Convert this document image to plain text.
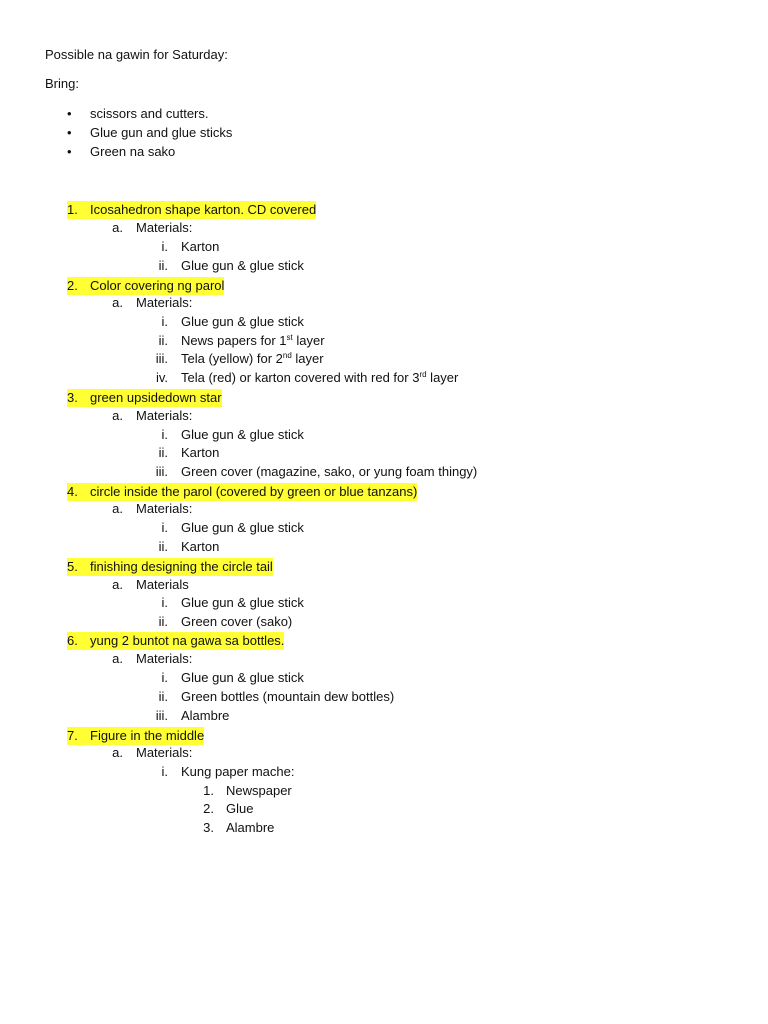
Possible na gawin for Saturday:
Bring:
• scissors and cutters.
• Glue gun and glue sticks
• Green na sako
1. Icosahedron shape karton. CD covered
2. Color covering ng parol
3. green upsidedown star
4. circle inside the parol (covered by green or blue tanzans)
5. finishing designing the circle tail
6. yung 2 buntot na gawa sa bottles.
7. Figure in the middle
a. Materials:
i. Karton
ii. Glue gun & glue stick
a. Materials:
i. Glue gun & glue stick
ii. News papers for 1st layer
iii. Tela (yellow) for 2nd layer
iv. Tela (red) or karton covered with red for 3rd layer
a. Materials:
i. Glue gun & glue stick
ii. Karton
iii. Green cover (magazine, sako, or yung foam thingy)
a. Materials:
i. Glue gun & glue stick
ii. Karton
a. Materials
i. Glue gun & glue stick
ii. Green cover (sako)
a. Materials:
i. Glue gun & glue stick
ii. Green bottles (mountain dew bottles)
iii. Alambre
a. Materials:
i. Kung paper mache:
1. Newspaper
2. Glue
3. Alambre
